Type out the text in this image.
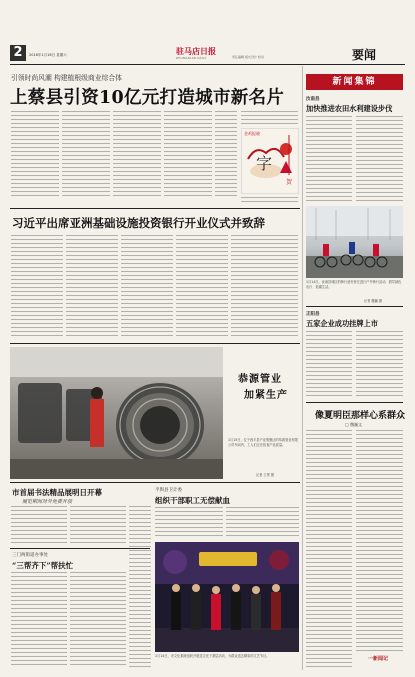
2	2016年1月16日 星期六	驻马店日报
ZHUMADIAN DAILY	责任编辑 版式设计 校对	要闻
引领时尚风潮 构建植根级商业综合体
上蔡县引资10亿元打造城市新名片
金鸡报晓
字
贺
习近平出席亚洲基础设施投资银行开业仪式并致辞
恭源管业
加紧生产
1月15日，位于西平县产业集聚区的恭源管业有限公司车间内，工人们正在检查产品质量。
记者 王景 摄
市首届书法精品展明日开幕
展览期间对外免费开放
三门两街道办事处
“三帮齐下”帮扶忙
平舆县卫计委
组织干部职工无偿献血
1月14日，市文化系统组织开展送文化下基层活动，为群众送去精彩的文艺节目。
新闻集锦
汝南县
加快推进农田水利建设步伐
1月14日，汝南县城区的骑行爱好者在进行户外骑行活动，倡导绿色出行、低碳生活。
记者 魏巍 摄
正阳县
五家企业成功挂牌上市
像夏明臣那样心系群众
□ 魏巍文
一新闻记
